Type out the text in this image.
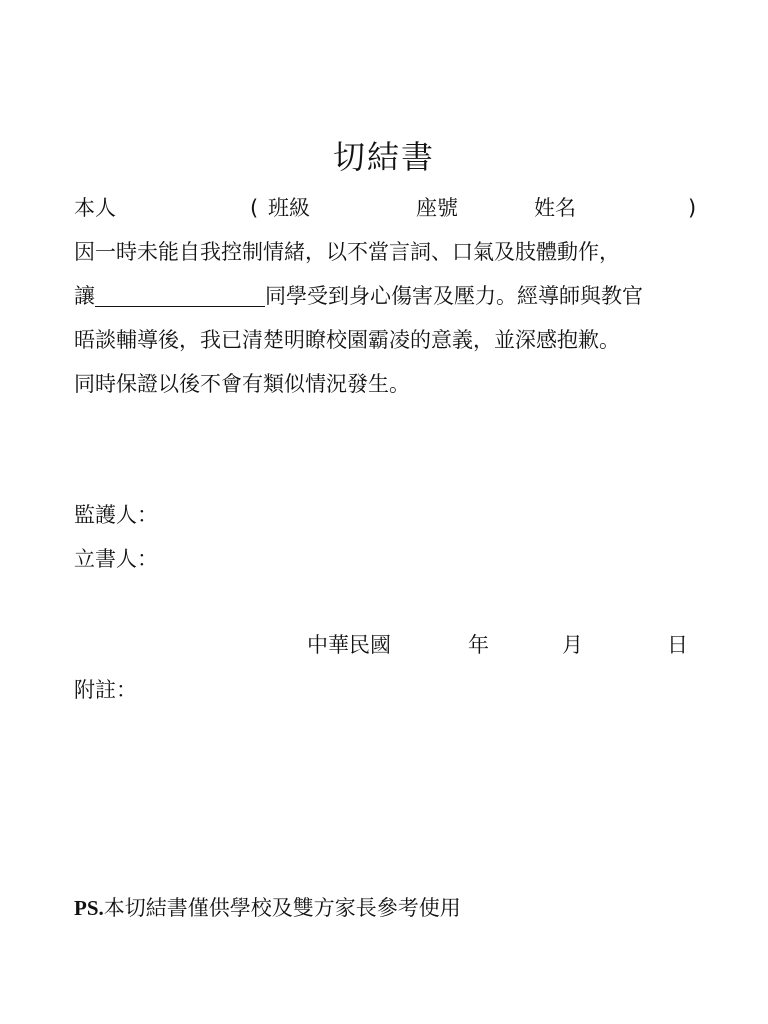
切結書
本人	( 班級	座號	姓名	)
因一時未能自我控制情緒，以不當言詞、口氣及肢體動作，
讓	同學受到身心傷害及壓力。經導師與教官
晤談輔導後，我已清楚明瞭校園霸凌的意義，並深感抱歉。
同時保證以後不會有類似情況發生。
監護人：
立書人：
中華民國	年	月	日
附註：
PS.本切結書僅供學校及雙方家長參考使用
